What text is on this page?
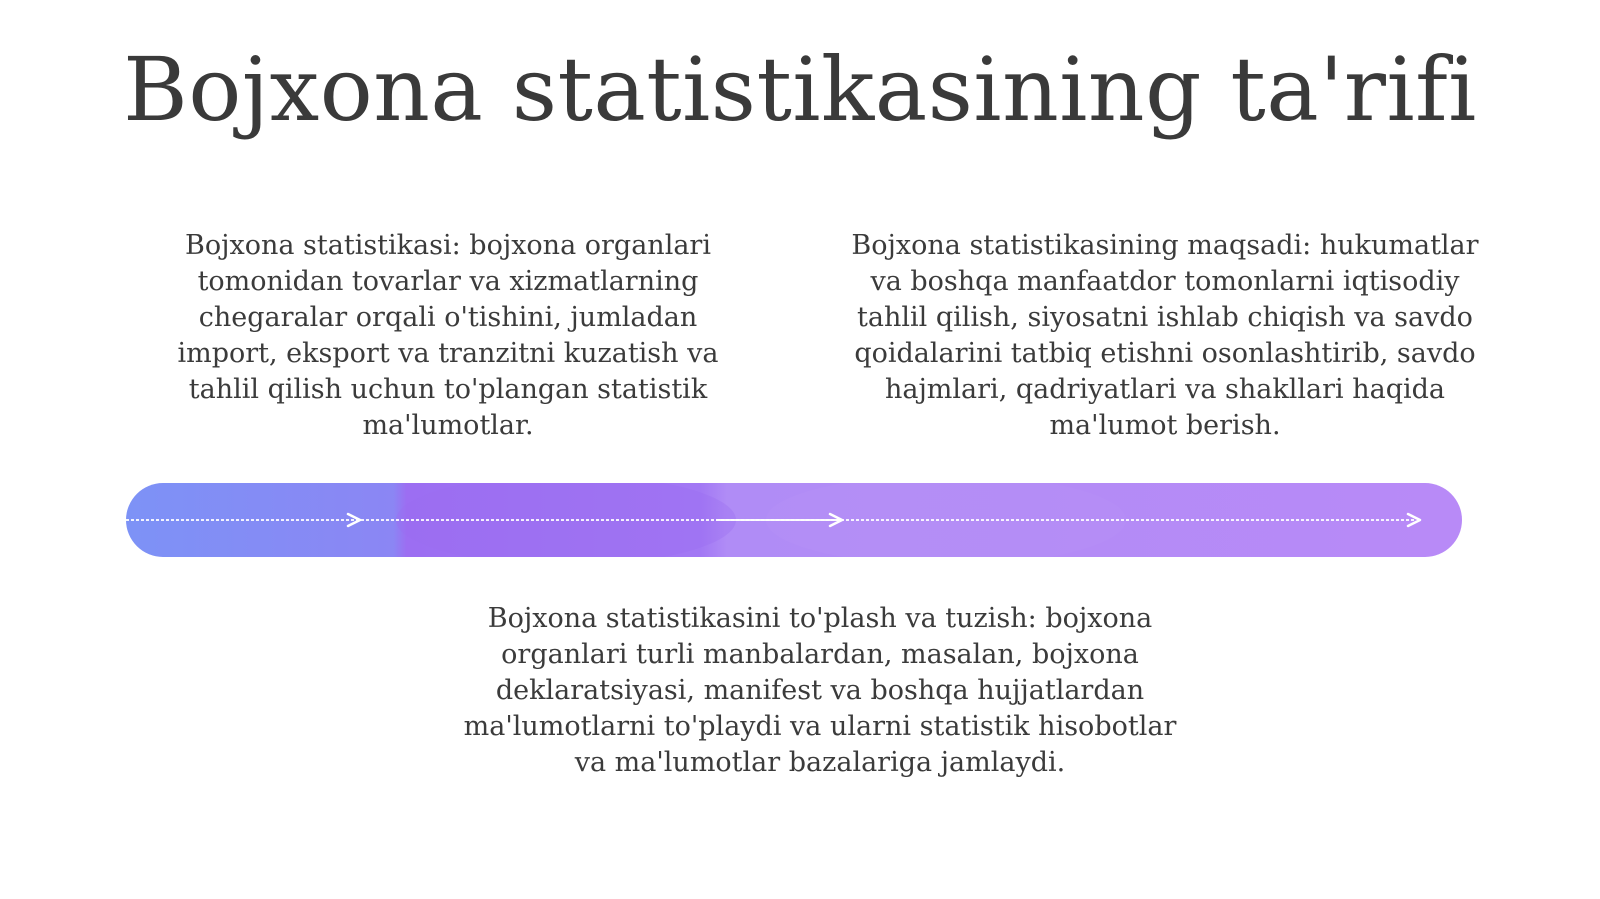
Bojxona statistikasining ta'rifi
Bojxona statistikasi: bojxona organlari tomonidan tovarlar va xizmatlarning chegaralar orqali o'tishini, jumladan import, eksport va tranzitni kuzatish va tahlil qilish uchun to'plangan statistik ma'lumotlar.
Bojxona statistikasining maqsadi: hukumatlar va boshqa manfaatdor tomonlarni iqtisodiy tahlil qilish, siyosatni ishlab chiqish va savdo qoidalarini tatbiq etishni osonlashtirib, savdo hajmlari, qadriyatlari va shakllari haqida ma'lumot berish.
Bojxona statistikasini to'plash va tuzish: bojxona organlari turli manbalardan, masalan, bojxona deklaratsiyasi, manifest va boshqa hujjatlardan ma'lumotlarni to'playdi va ularni statistik hisobotlar va ma'lumotlar bazalariga jamlaydi.
